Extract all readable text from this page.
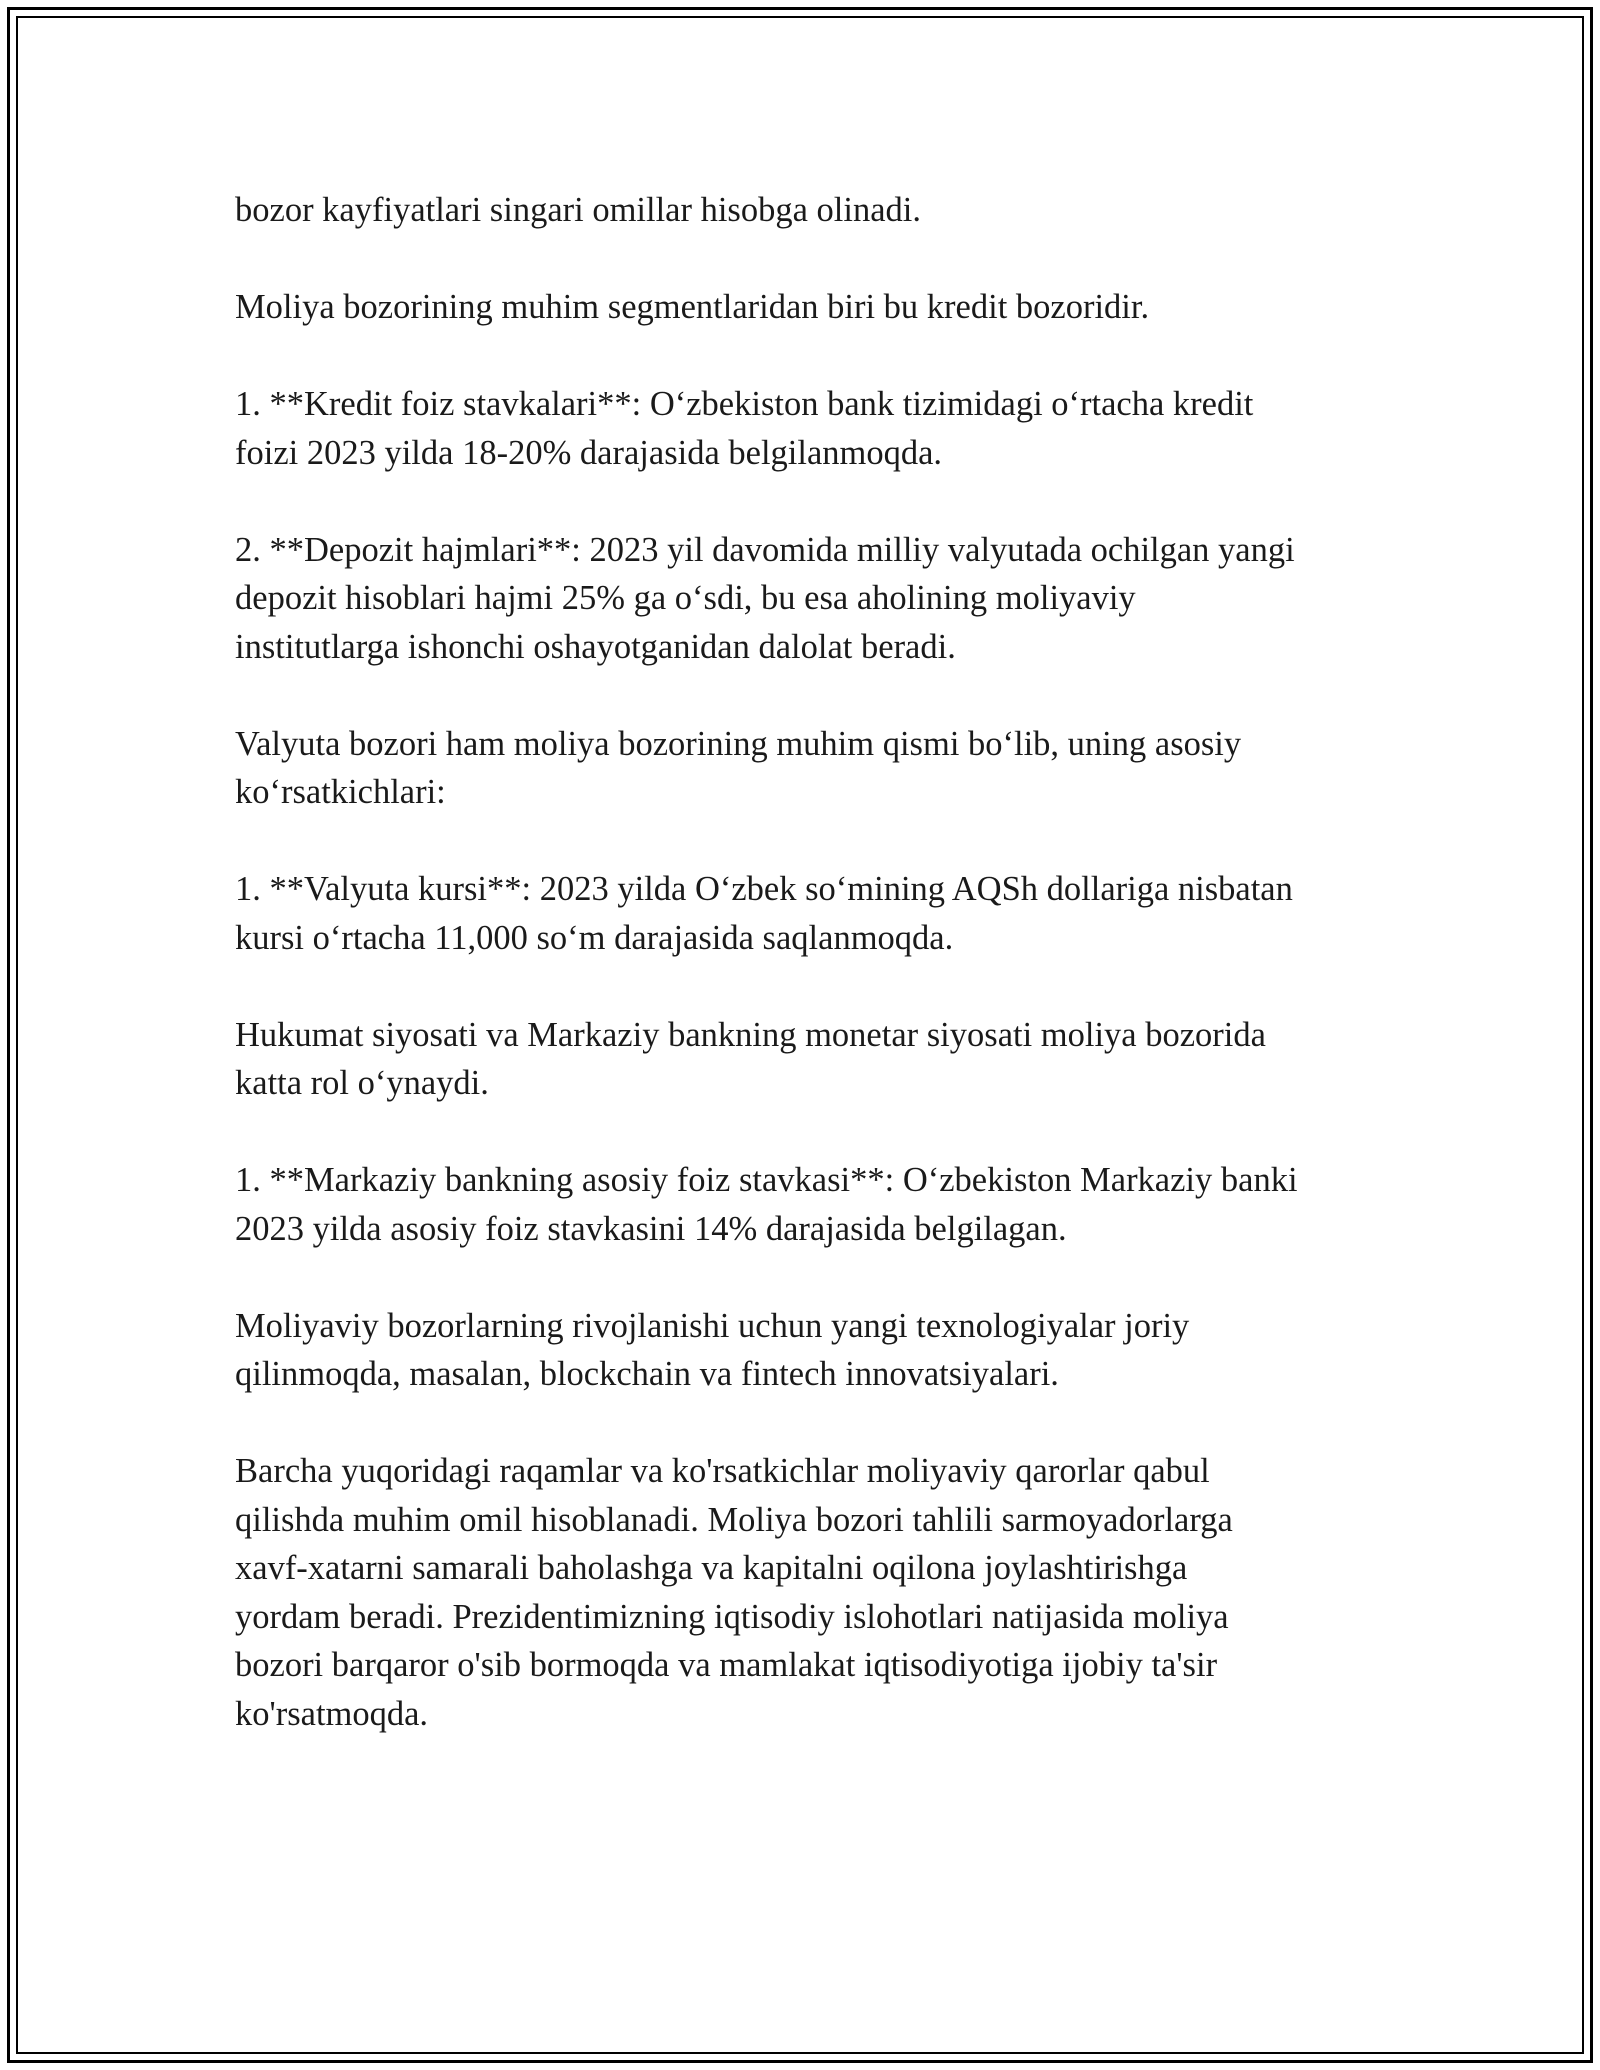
bozor kayfiyatlari singari omillar hisobga olinadi.

Moliya bozorining muhim segmentlaridan biri bu kredit bozoridir.

1. **Kredit foiz stavkalari**: O‘zbekiston bank tizimidagi o‘rtacha kredit
foizi 2023 yilda 18-20% darajasida belgilanmoqda.

2. **Depozit hajmlari**: 2023 yil davomida milliy valyutada ochilgan yangi
depozit hisoblari hajmi 25% ga o‘sdi, bu esa aholining moliyaviy
institutlarga ishonchi oshayotganidan dalolat beradi.

Valyuta bozori ham moliya bozorining muhim qismi bo‘lib, uning asosiy
ko‘rsatkichlari:

1. **Valyuta kursi**: 2023 yilda O‘zbek so‘mining AQSh dollariga nisbatan
kursi o‘rtacha 11,000 so‘m darajasida saqlanmoqda.

Hukumat siyosati va Markaziy bankning monetar siyosati moliya bozorida
katta rol o‘ynaydi.

1. **Markaziy bankning asosiy foiz stavkasi**: O‘zbekiston Markaziy banki
2023 yilda asosiy foiz stavkasini 14% darajasida belgilagan.

Moliyaviy bozorlarning rivojlanishi uchun yangi texnologiyalar joriy
qilinmoqda, masalan, blockchain va fintech innovatsiyalari.

Barcha yuqoridagi raqamlar va ko'rsatkichlar moliyaviy qarorlar qabul
qilishda muhim omil hisoblanadi. Moliya bozori tahlili sarmoyadorlarga
xavf-xatarni samarali baholashga va kapitalni oqilona joylashtirishga
yordam beradi. Prezidentimizning iqtisodiy islohotlari natijasida moliya
bozori barqaror o'sib bormoqda va mamlakat iqtisodiyotiga ijobiy ta'sir
ko'rsatmoqda.
